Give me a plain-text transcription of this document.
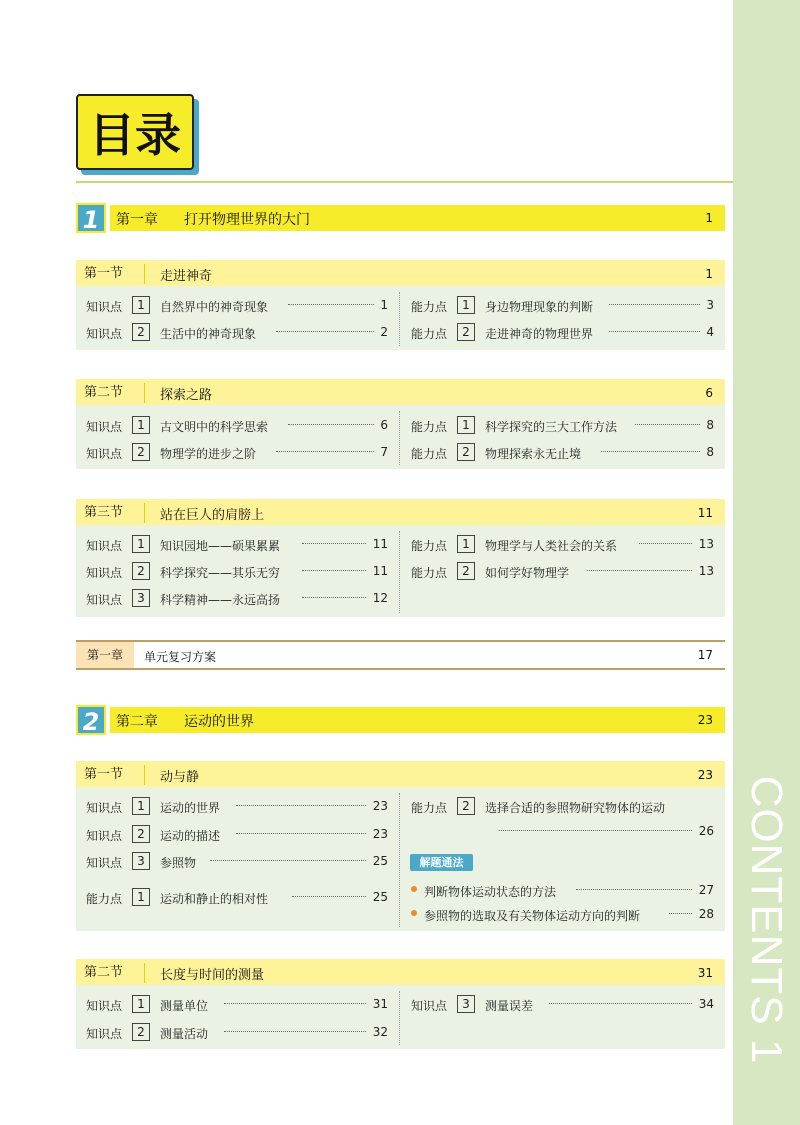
CONTENTS 1
目录
1	第一章 打开物理世界的大门	1
第一节	走进神奇	1
知识点	1	自然界中的神奇现象	1
知识点	2	生活中的神奇现象	2
能力点	1	身边物理现象的判断	3
能力点	2	走进神奇的物理世界	4
第二节	探索之路	6
知识点	1	古文明中的科学思索	6
知识点	2	物理学的进步之阶	7
能力点	1	科学探究的三大工作方法	8
能力点	2	物理探索永无止境	8
第三节	站在巨人的肩膀上	11
知识点	1	知识园地——硕果累累	11
知识点	2	科学探究——其乐无穷	11
知识点	3	科学精神——永远高扬	12
能力点	1	物理学与人类社会的关系	13
能力点	2	如何学好物理学	13
第一章	单元复习方案	17
2	第二章 运动的世界	23
第一节	动与静	23
知识点	1	运动的世界	23
知识点	2	运动的描述	23
知识点	3	参照物	25
能力点	1	运动和静止的相对性	25
能力点	2	选择合适的参照物研究物体的运动
26
解题通法
判断物体运动状态的方法	27
参照物的选取及有关物体运动方向的判断	28
第二节	长度与时间的测量	31
知识点	1	测量单位	31
知识点	2	测量活动	32
知识点	3	测量误差	34
